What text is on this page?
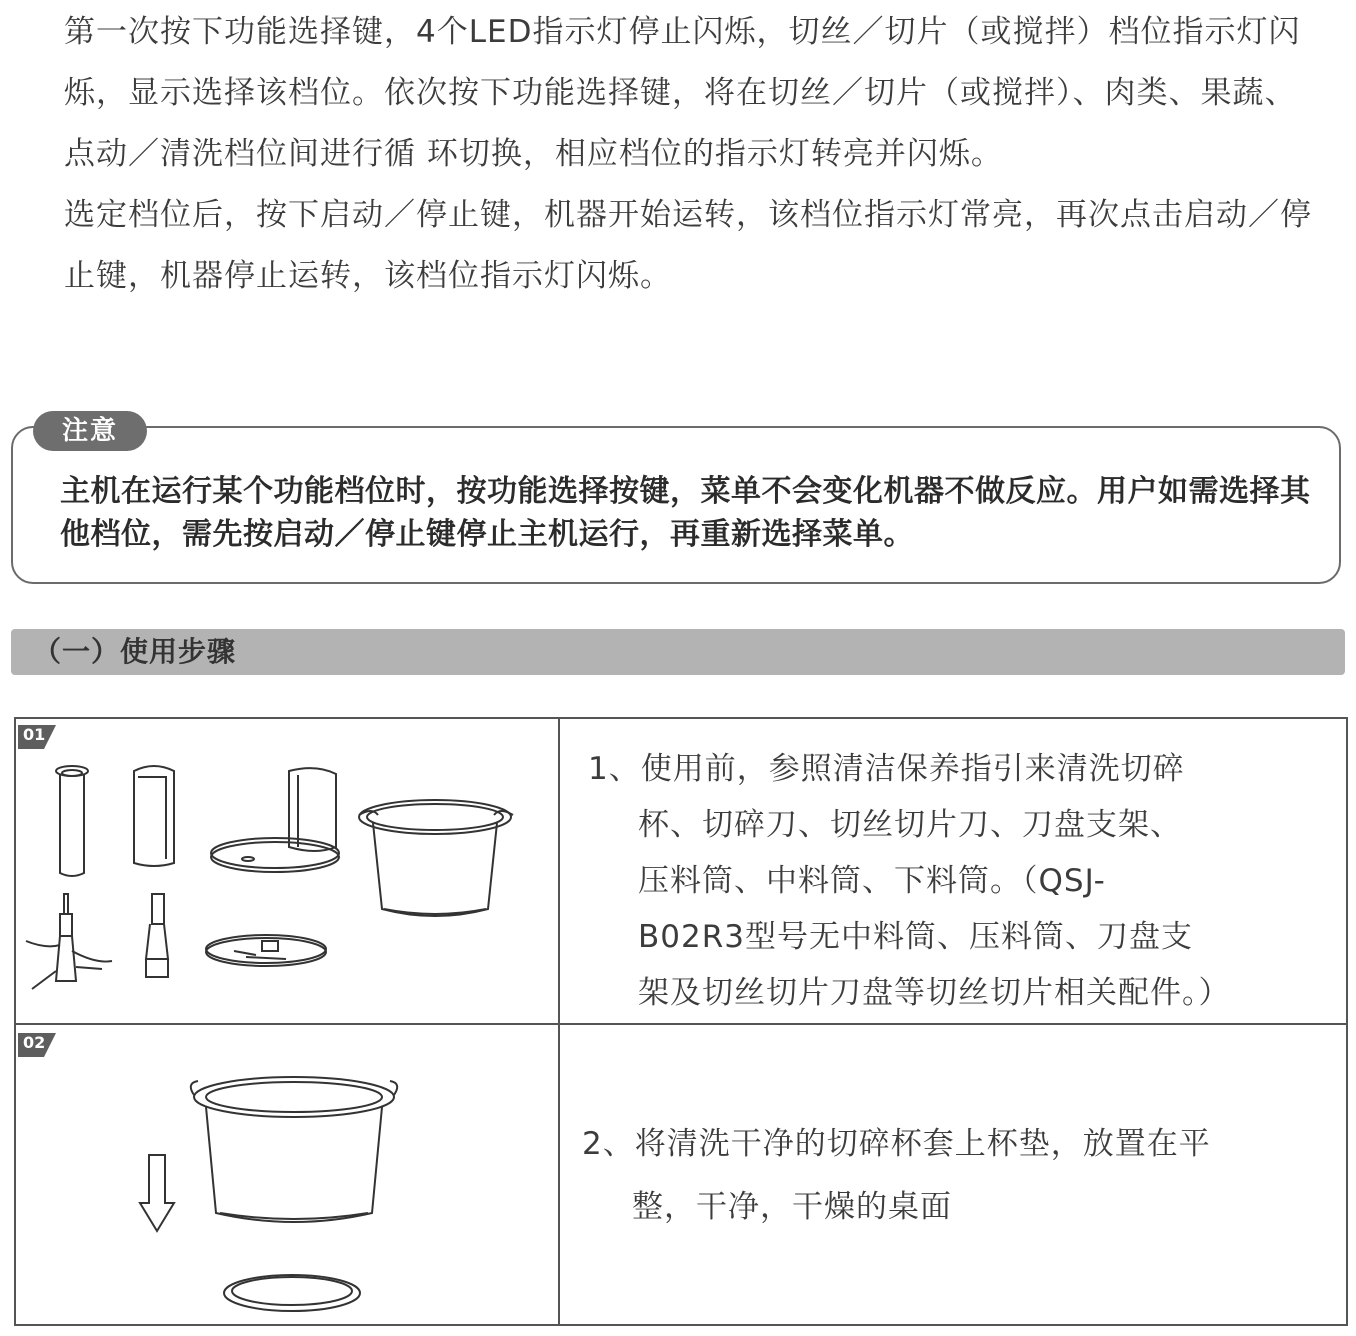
第一次按下功能选择键，4个LED指示灯停止闪烁，切丝／切片（或搅拌）档位指示灯闪烁，显示选择该档位。依次按下功能选择键，将在切丝／切片（或搅拌）、肉类、果蔬、点动／清洗档位间进行循 环切换，相应档位的指示灯转亮并闪烁。

选定档位后，按下启动／停止键，机器开始运转，该档位指示灯常亮，再次点击启动／停止键，机器停止运转，该档位指示灯闪烁。

注意
主机在运行某个功能档位时，按功能选择按键，菜单不会变化机器不做反应。用户如需选择其他档位，需先按启动／停止键停止主机运行，再重新选择菜单。
（一）使用步骤
01
02
1、使用前，参照清洁保养指引来清洗切碎
杯、切碎刀、切丝切片刀、刀盘支架、
压料筒、中料筒、下料筒。（QSJ-
B02R3型号无中料筒、压料筒、刀盘支
架及切丝切片刀盘等切丝切片相关配件。）
2、将清洗干净的切碎杯套上杯垫，放置在平
整，干净，干燥的桌面
